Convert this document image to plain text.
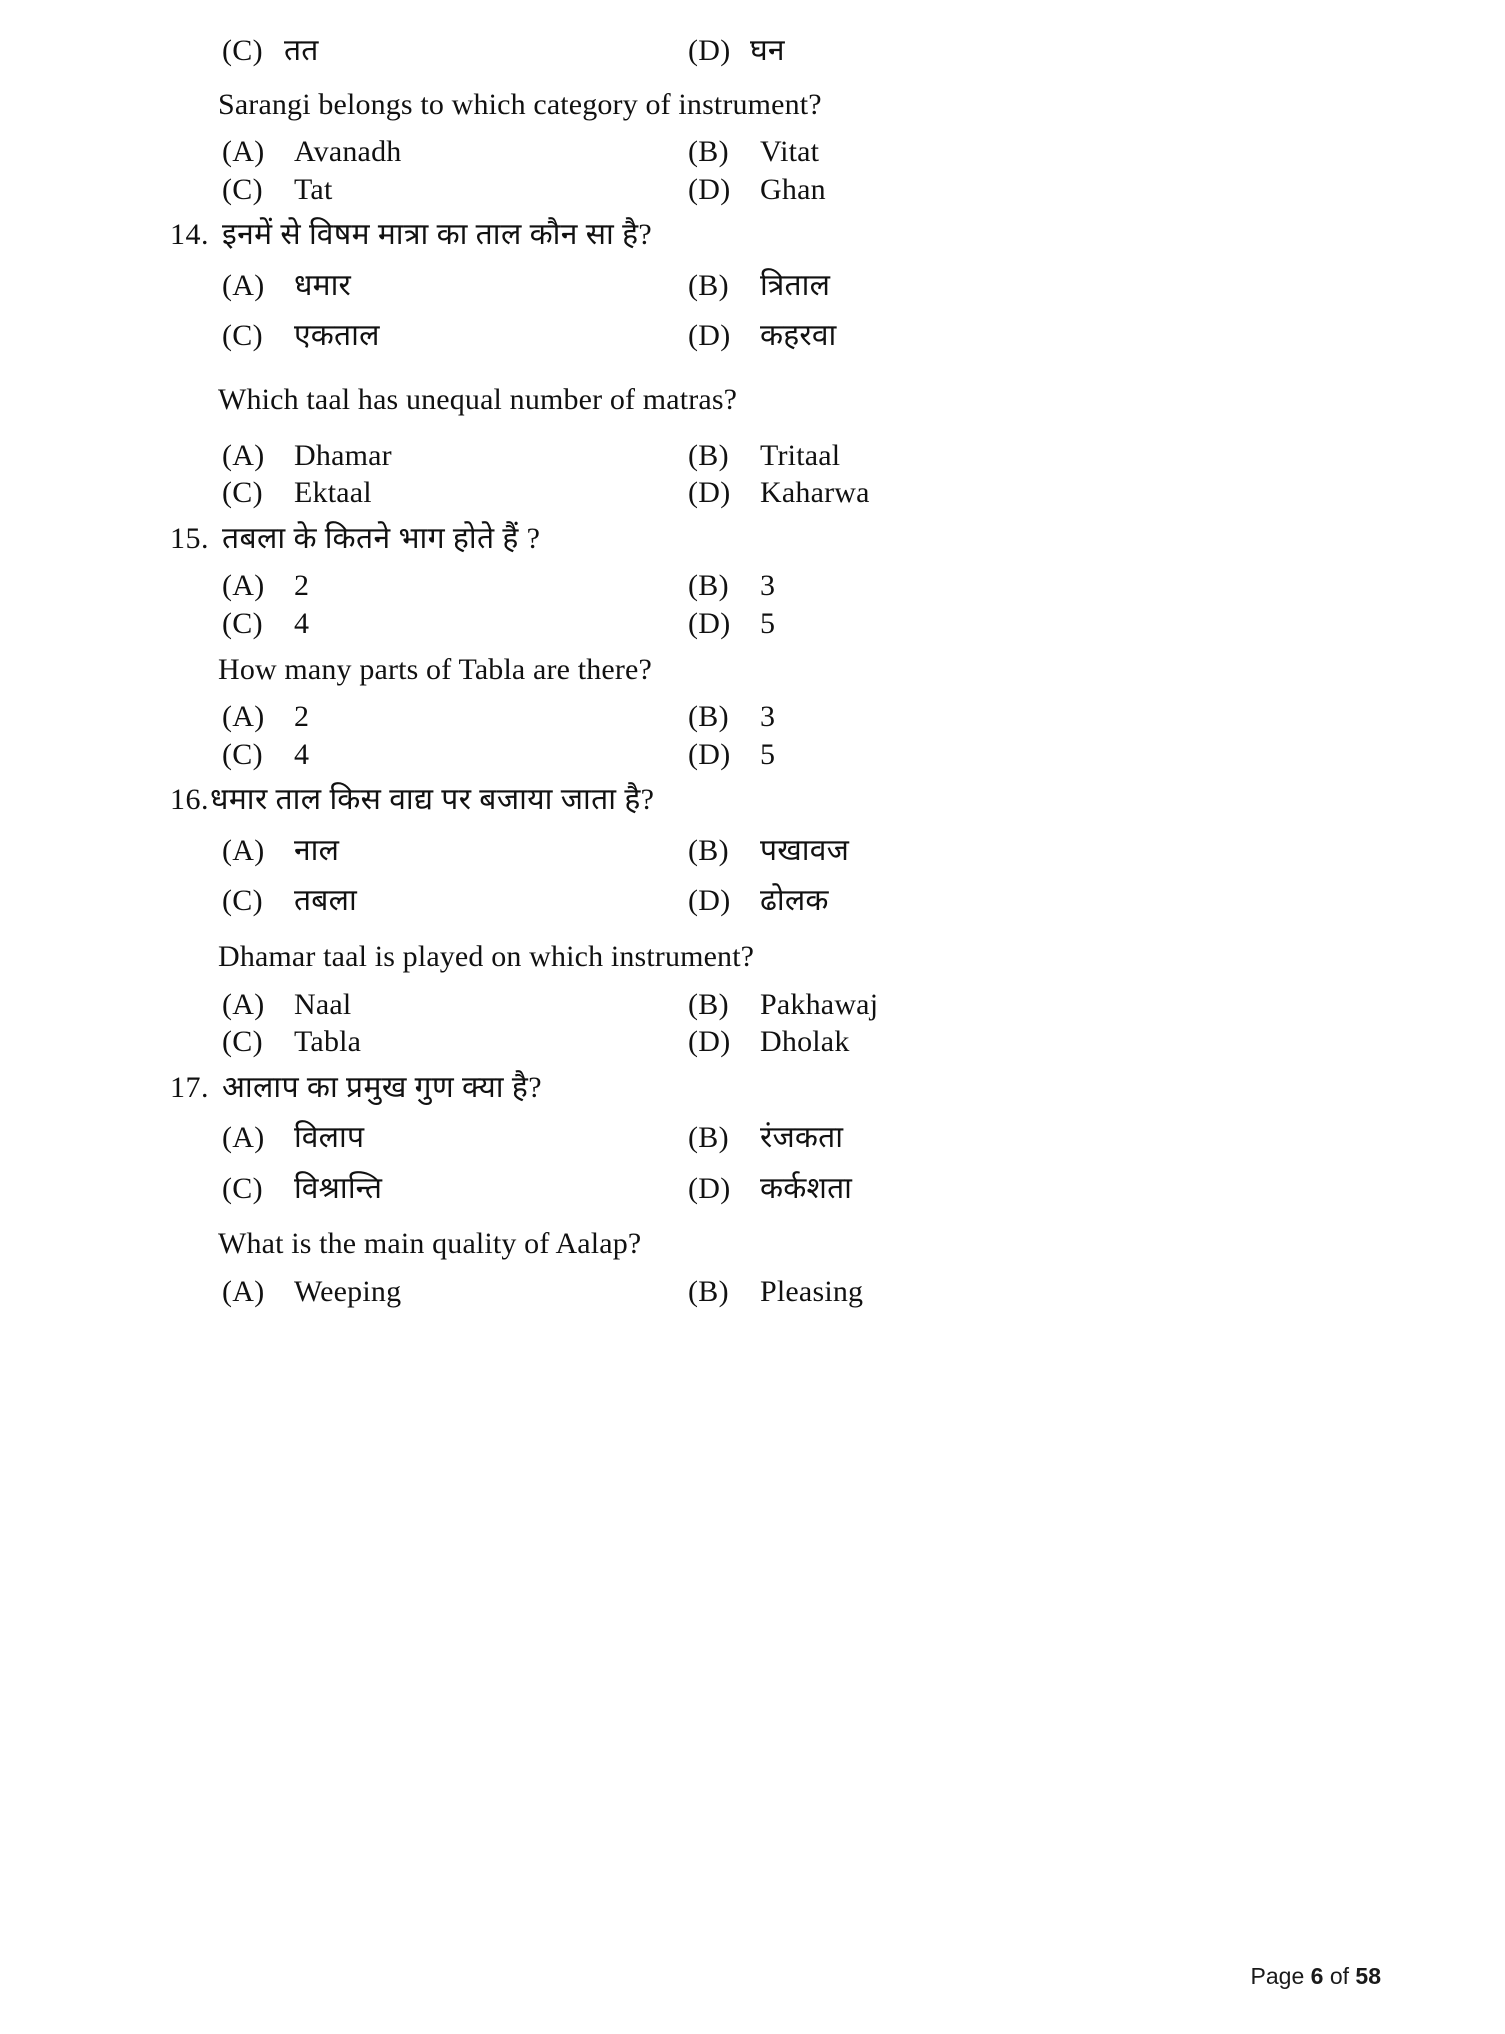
(C) तत	(D) घन
Sarangi belongs to which category of instrument?
(A) Avanadh	(B)	Vitat
(C)	Tat	(D) Ghan
14. इनमें से विषम मात्रा का ताल कौन सा है?
(A) धमार	(B)	त्रिताल
(C)	एकताल	(D) कहरवा
Which taal has unequal number of matras?
(A) Dhamar	(B)	Tritaal
(C)	Ektaal	(D) Kaharwa
15. तबला के कितने भाग होते हैं ?
(A) 2	(B)	3
(C)	4	(D) 5
How many parts of Tabla are there?
(A) 2	(B)	3
(C)	4	(D) 5
16. धमार ताल किस वाद्य पर बजाया जाता है?
(A) नाल	(B)	पखावज
(C)	तबला	(D) ढोलक
Dhamar taal is played on which instrument?
(A) Naal	(B)	Pakhawaj
(C)	Tabla	(D) Dholak
17. आलाप का प्रमुख गुण क्या है?
(A) विलाप	(B)	रंजकता
(C)	विश्रान्ति	(D) कर्कशता
What is the main quality of Aalap?
(A) Weeping	(B)	Pleasing
Page 6 of 58
